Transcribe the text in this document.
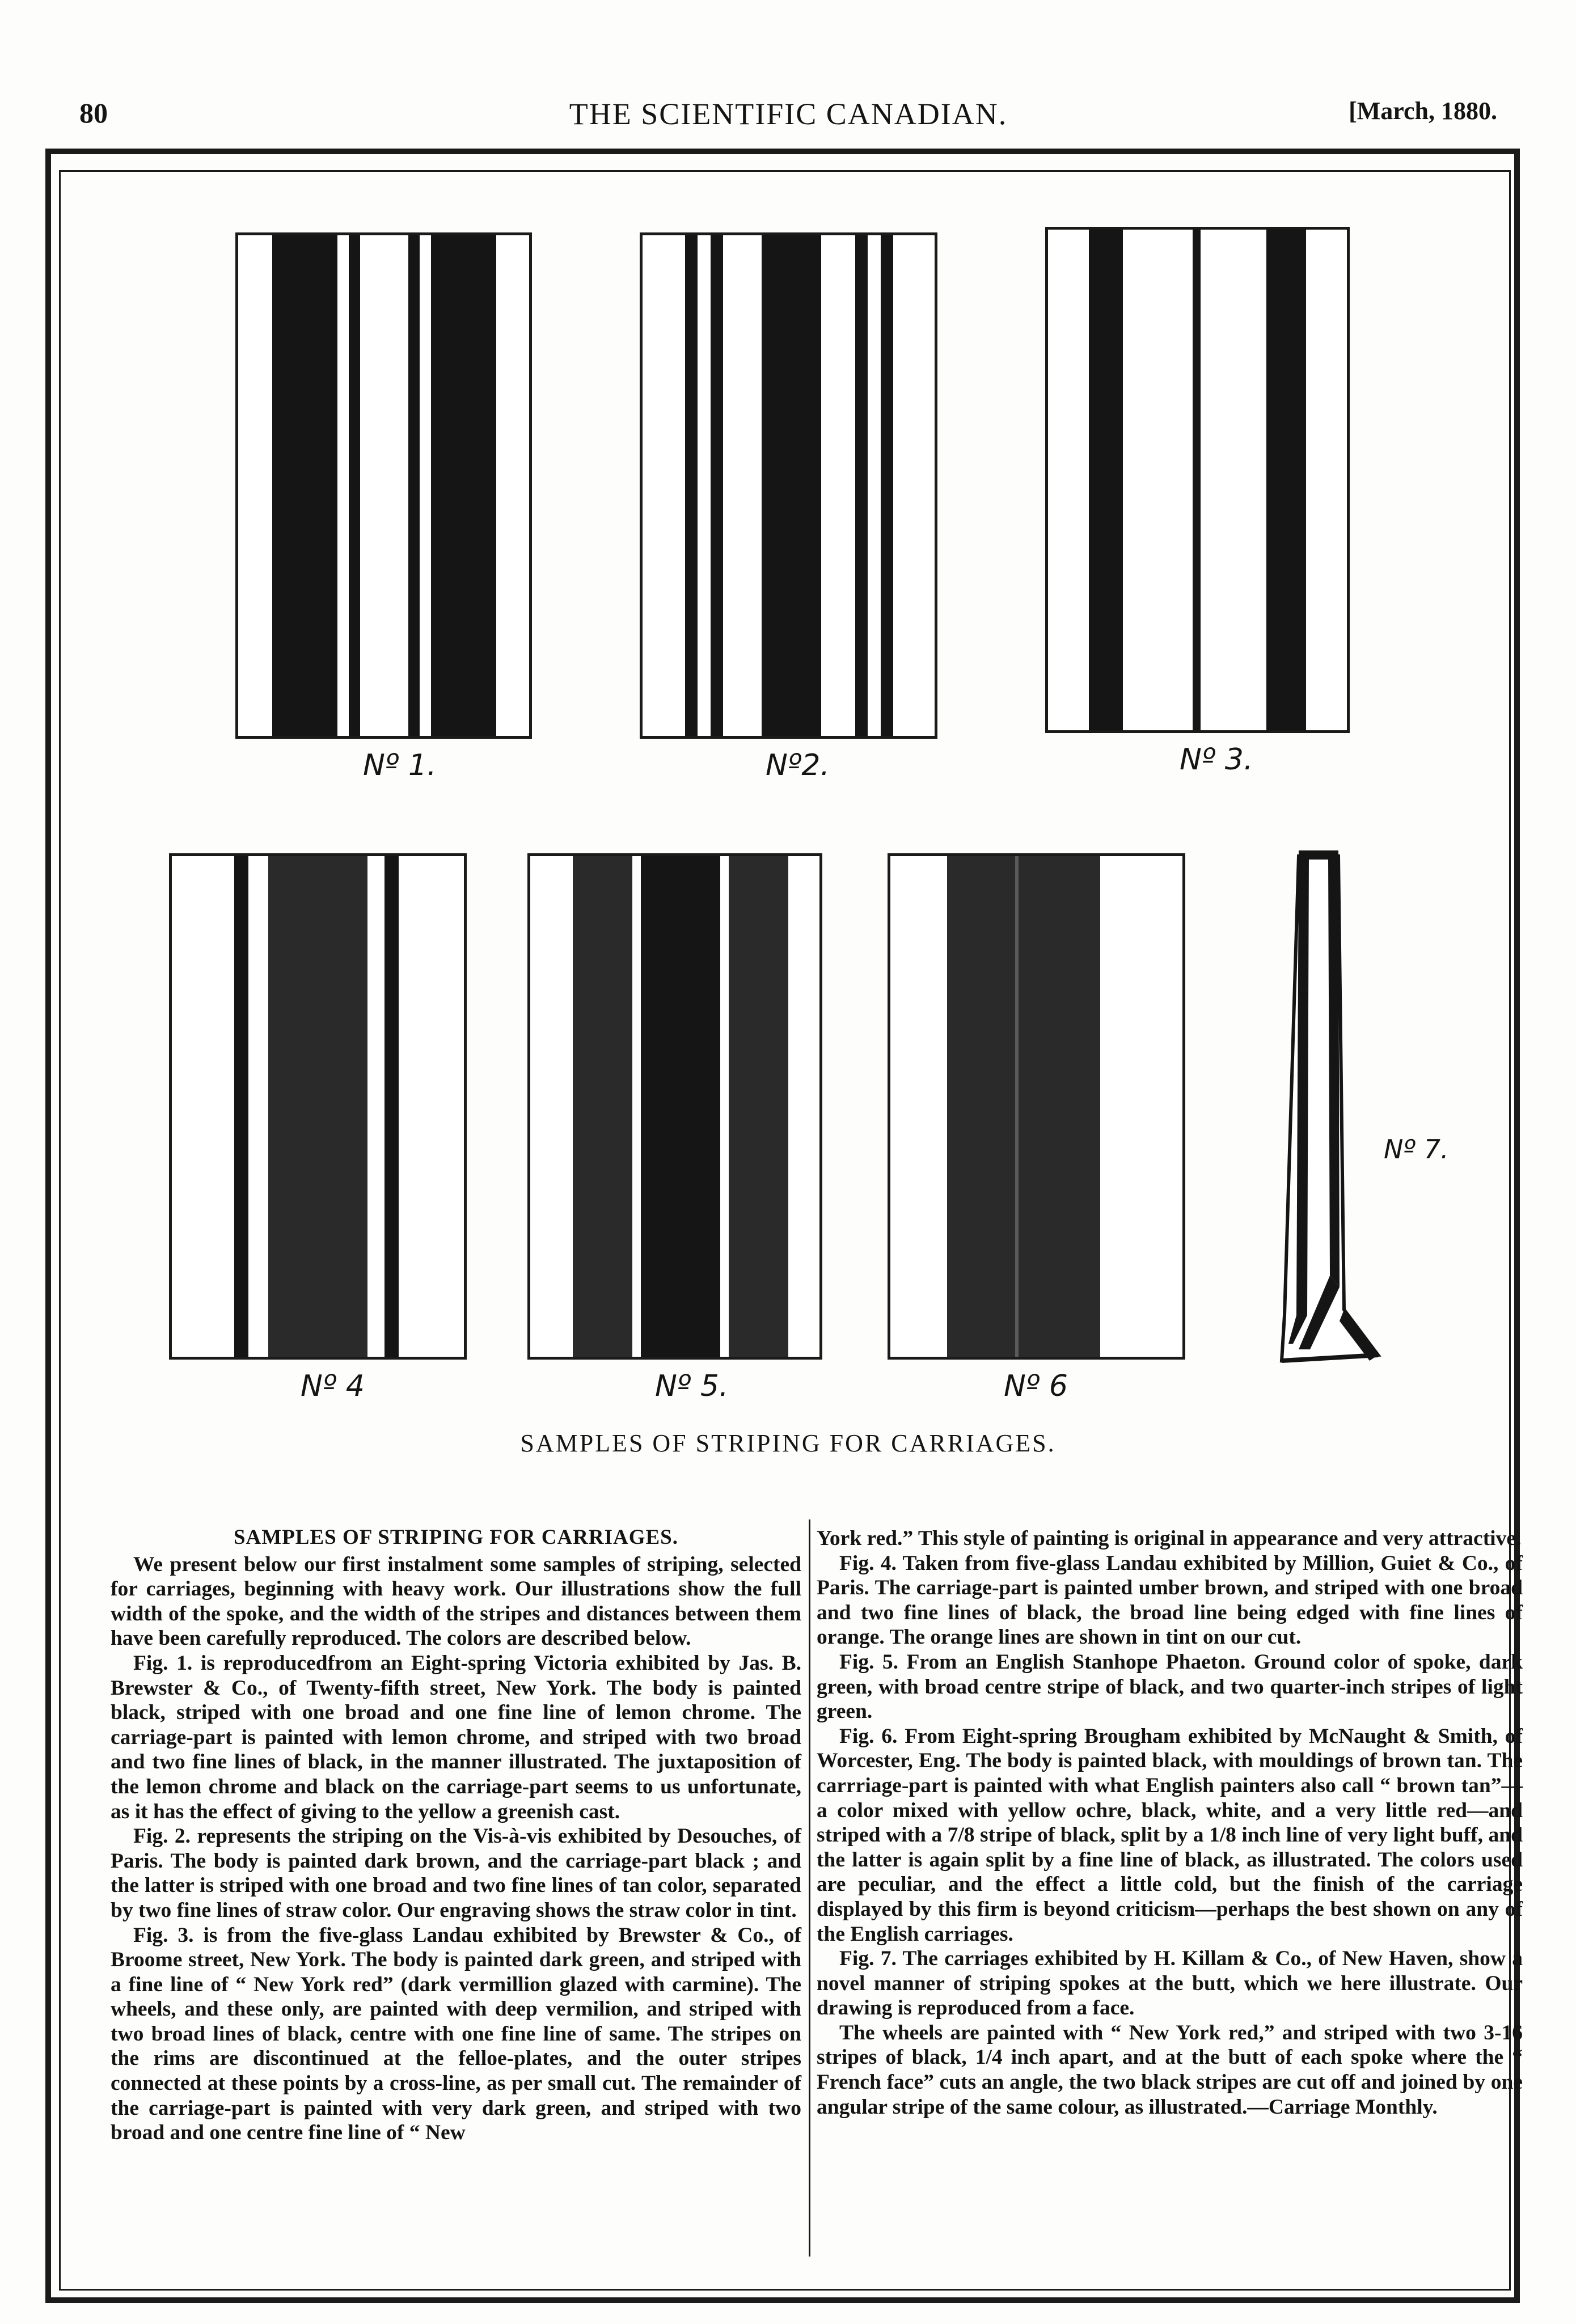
80	THE SCIENTIFIC CANADIAN.	[March, 1880.
Nº 1.	Nº2.	Nº 3.
Nº 4	Nº 5.	Nº 6
Nº 7.
SAMPLES OF STRIPING FOR CARRIAGES.
SAMPLES OF STRIPING FOR CARRIAGES.

We present below our first instalment some samples of striping, selected for carriages, beginning with heavy work. Our illustrations show the full width of the spoke, and the width of the stripes and distances between them have been carefully reproduced. The colors are described below.

Fig. 1. is reproducedfrom an Eight-spring Victoria exhibited by Jas. B. Brewster & Co., of Twenty-fifth street, New York. The body is painted black, striped with one broad and one fine line of lemon chrome. The carriage-part is painted with lemon chrome, and striped with two broad and two fine lines of black, in the manner illustrated. The juxtaposition of the lemon chrome and black on the carriage-part seems to us unfortunate, as it has the effect of giving to the yellow a greenish cast.

Fig. 2. represents the striping on the Vis-à-vis exhibited by Desouches, of Paris. The body is painted dark brown, and the carriage-part black ; and the latter is striped with one broad and two fine lines of tan color, separated by two fine lines of straw color. Our engraving shows the straw color in tint.

Fig. 3. is from the five-glass Landau exhibited by Brewster & Co., of Broome street, New York. The body is painted dark green, and striped with a fine line of “ New York red” (dark vermillion glazed with carmine). The wheels, and these only, are painted with deep vermilion, and striped with two broad lines of black, centre with one fine line of same. The stripes on the rims are discontinued at the felloe-plates, and the outer stripes connected at these points by a cross-line, as per small cut. The remainder of the carriage-part is painted with very dark green, and striped with two broad and one centre fine line of “ New

York red.” This style of painting is original in appearance and very attractive.

Fig. 4. Taken from five-glass Landau exhibited by Million, Guiet & Co., of Paris. The carriage-part is painted umber brown, and striped with one broad and two fine lines of black, the broad line being edged with fine lines of orange. The orange lines are shown in tint on our cut.

Fig. 5. From an English Stanhope Phaeton. Ground color of spoke, dark green, with broad centre stripe of black, and two quarter-inch stripes of light green.

Fig. 6. From Eight-spring Brougham exhibited by McNaught & Smith, of Worcester, Eng. The body is painted black, with mouldings of brown tan. The carrriage-part is painted with what English painters also call “ brown tan”—a color mixed with yellow ochre, black, white, and a very little red—and striped with a 7/8 stripe of black, split by a 1/8 inch line of very light buff, and the latter is again split by a fine line of black, as illustrated. The colors used are peculiar, and the effect a little cold, but the finish of the carriage displayed by this firm is beyond criticism—perhaps the best shown on any of the English carriages.

Fig. 7. The carriages exhibited by H. Killam & Co., of New Haven, show a novel manner of striping spokes at the butt, which we here illustrate. Our drawing is reproduced from a face.

The wheels are painted with “ New York red,” and striped with two 3-16 stripes of black, 1/4 inch apart, and at the butt of each spoke where the “ French face” cuts an angle, the two black stripes are cut off and joined by one angular stripe of the same colour, as illustrated.—Carriage Monthly.
